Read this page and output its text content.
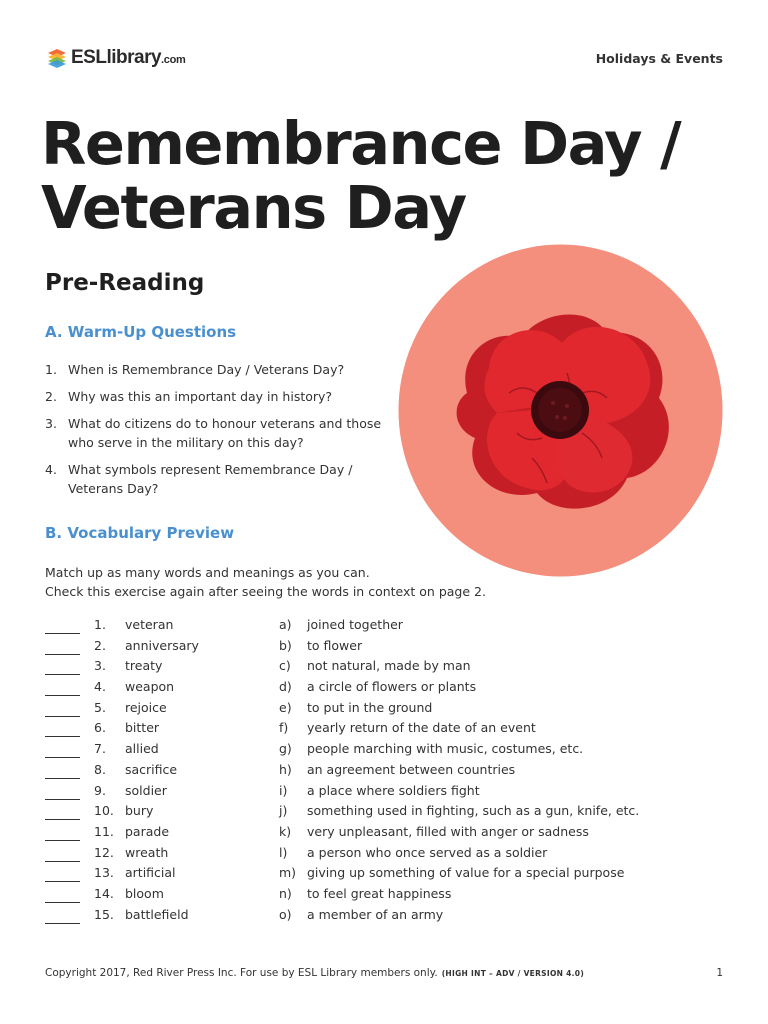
ESLlibrary.com	Holidays & Events
Remembrance Day /
Veterans Day
Pre-Reading
A. Warm-Up Questions
1. When is Remembrance Day / Veterans Day?
2. Why was this an important day in history?
3. What do citizens do to honour veterans and those who serve in the military on this day?
4. What symbols represent Remembrance Day / Veterans Day?
B. Vocabulary Preview
Match up as many words and meanings as you can.
Check this exercise again after seeing the words in context on page 2.
1. veteran	a) joined together
2. anniversary	b) to flower
3. treaty	c) not natural, made by man
4. weapon	d) a circle of flowers or plants
5. rejoice	e) to put in the ground
6. bitter	f) yearly return of the date of an event
7. allied	g) people marching with music, costumes, etc.
8. sacrifice	h) an agreement between countries
9. soldier	i) a place where soldiers fight
10. bury	j) something used in fighting, such as a gun, knife, etc.
11. parade	k) very unpleasant, filled with anger or sadness
12. wreath	l) a person who once served as a soldier
13. artificial	m) giving up something of value for a special purpose
14. bloom	n) to feel great happiness
15. battlefield	o) a member of an army
Copyright 2017, Red River Press Inc. For use by ESL Library members only. (HIGH INT – ADV / VERSION 4.0)	1
